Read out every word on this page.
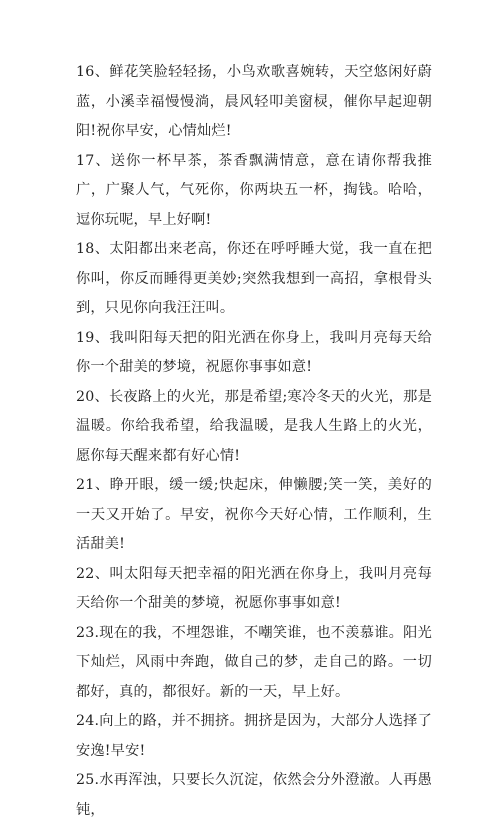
16、鲜花笑脸轻轻扬，小鸟欢歌喜婉转，天空悠闲好蔚蓝，小溪幸福慢慢淌，晨风轻叩美窗棂，催你早起迎朝阳!祝你早安，心情灿烂!

17、送你一杯早茶，茶香飘满情意，意在请你帮我推广，广聚人气，气死你，你两块五一杯，掏钱。哈哈，逗你玩呢，早上好啊!

18、太阳都出来老高，你还在呼呼睡大觉，我一直在把你叫，你反而睡得更美妙;突然我想到一高招，拿根骨头到，只见你向我汪汪叫。

19、我叫阳每天把的阳光洒在你身上，我叫月亮每天给你一个甜美的梦境，祝愿你事事如意!

20、长夜路上的火光，那是希望;寒冷冬天的火光，那是温暖。你给我希望，给我温暖，是我人生路上的火光，愿你每天醒来都有好心情!

21、睁开眼，缓一缓;快起床，伸懒腰;笑一笑，美好的一天又开始了。早安，祝你今天好心情，工作顺利，生活甜美!

22、叫太阳每天把幸福的阳光洒在你身上，我叫月亮每天给你一个甜美的梦境，祝愿你事事如意!

23.现在的我，不埋怨谁，不嘲笑谁，也不羡慕谁。阳光下灿烂，风雨中奔跑，做自己的梦，走自己的路。一切都好，真的，都很好。新的一天，早上好。

24.向上的路，并不拥挤。拥挤是因为，大部分人选择了安逸!早安!

25.水再浑浊，只要长久沉淀，依然会分外澄澈。人再愚钝，
